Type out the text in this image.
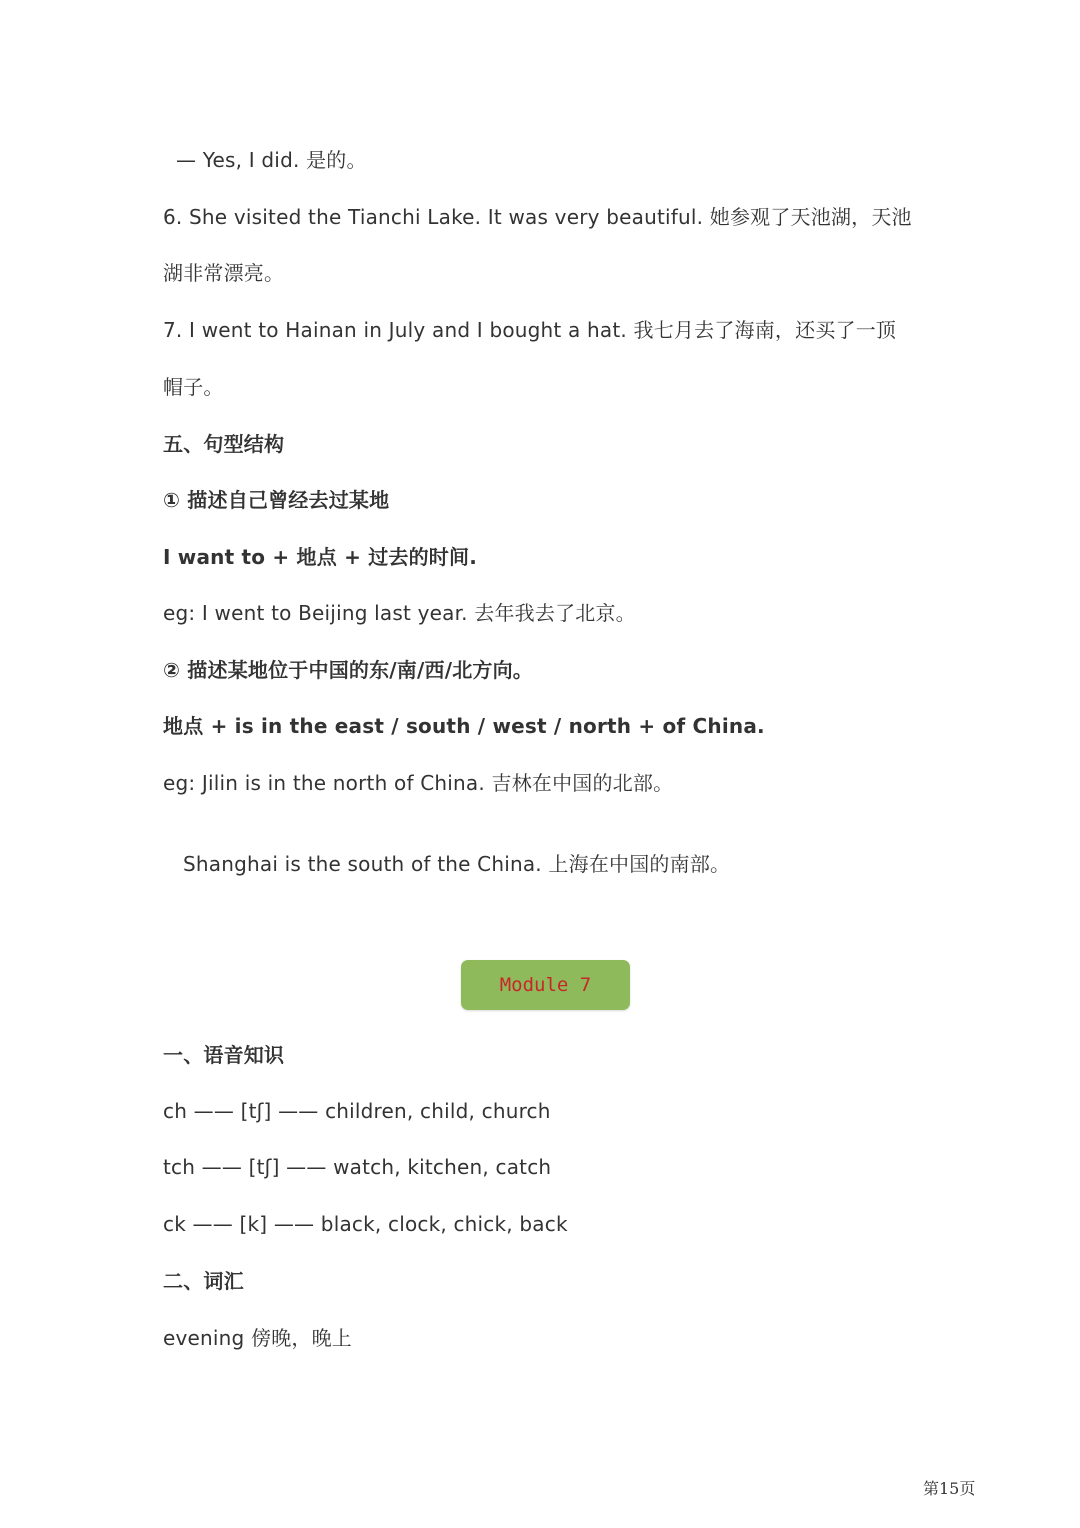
— Yes, I did. 是的。
6. She visited the Tianchi Lake. It was very beautiful. 她参观了天池湖，天池
湖非常漂亮。
7. I went to Hainan in July and I bought a hat. 我七月去了海南，还买了一顶
帽子。
五、句型结构
① 描述自己曾经去过某地
I want to + 地点 + 过去的时间.
eg: I went to Beijing last year. 去年我去了北京。
② 描述某地位于中国的东/南/西/北方向。
地点 + is in the east / south / west / north + of China.
eg: Jilin is in the north of China. 吉林在中国的北部。
Shanghai is the south of the China. 上海在中国的南部。
Module 7
一、语音知识
ch —— [tʃ] —— children, child, church
tch —— [tʃ] —— watch, kitchen, catch
ck —— [k] —— black, clock, chick, back
二、词汇
evening 傍晚，晚上
第15页
